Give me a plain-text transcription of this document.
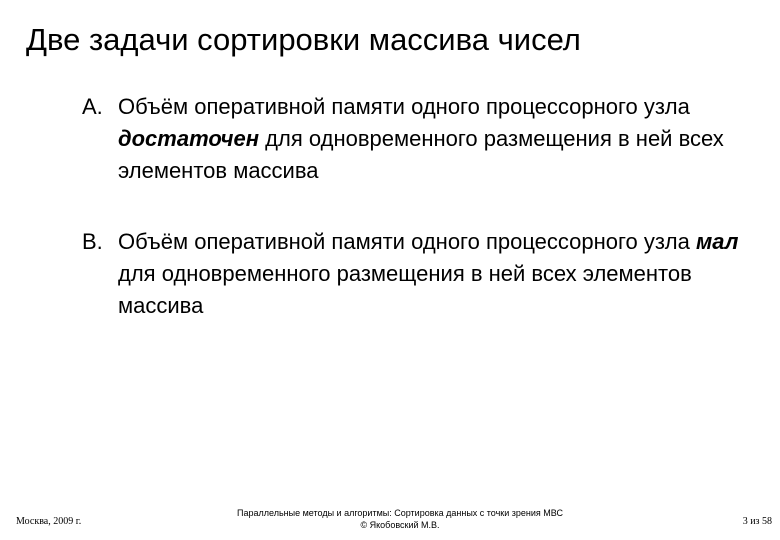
Две задачи сортировки массива чисел
A. Объём оперативной памяти одного процессорного узла достаточен для одновременного размещения в ней всех элементов массива
B. Объём оперативной памяти одного процессорного узла мал для одновременного размещения в ней всех элементов массива
Москва, 2009 г.
Параллельные методы и алгоритмы: Сортировка данных с точки зрения МВС
© Якобовский М.В.	3 из 58
